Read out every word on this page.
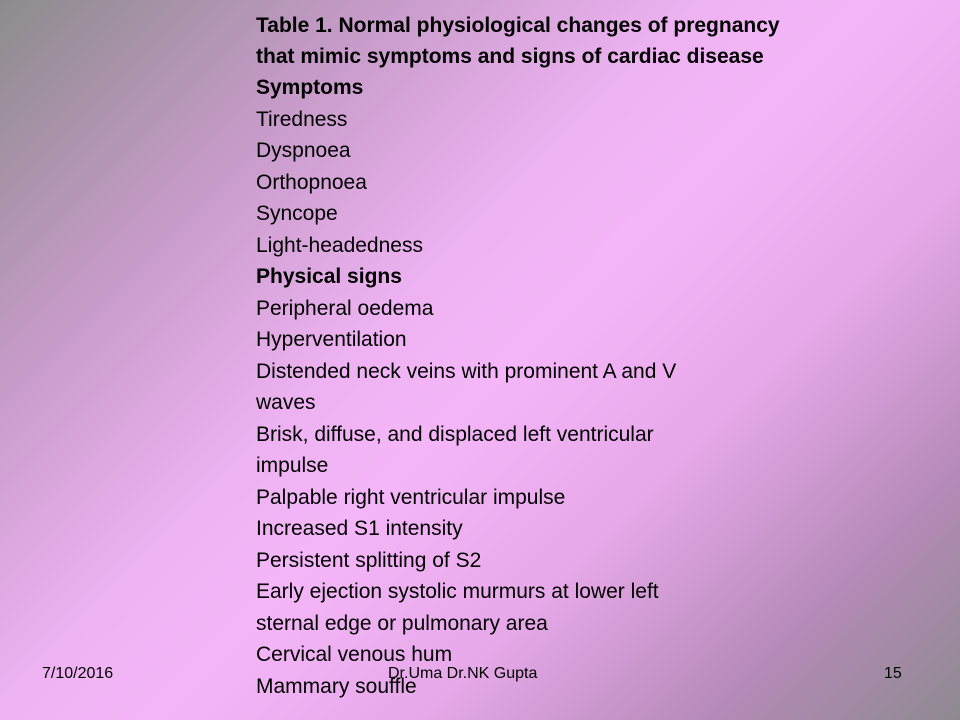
Table 1. Normal physiological changes of pregnancy
that mimic symptoms and signs of cardiac disease
Symptoms
Tiredness
Dyspnoea
Orthopnoea
Syncope
Light-headedness
Physical signs
Peripheral oedema
Hyperventilation
Distended neck veins with prominent A and V
waves
Brisk, diffuse, and displaced left ventricular
impulse
Palpable right ventricular impulse
Increased S1 intensity
Persistent splitting of S2
Early ejection systolic murmurs at lower left
sternal edge or pulmonary area
Cervical venous hum
Mammary souffle
7/10/2016	Dr.Uma Dr.NK Gupta	15
